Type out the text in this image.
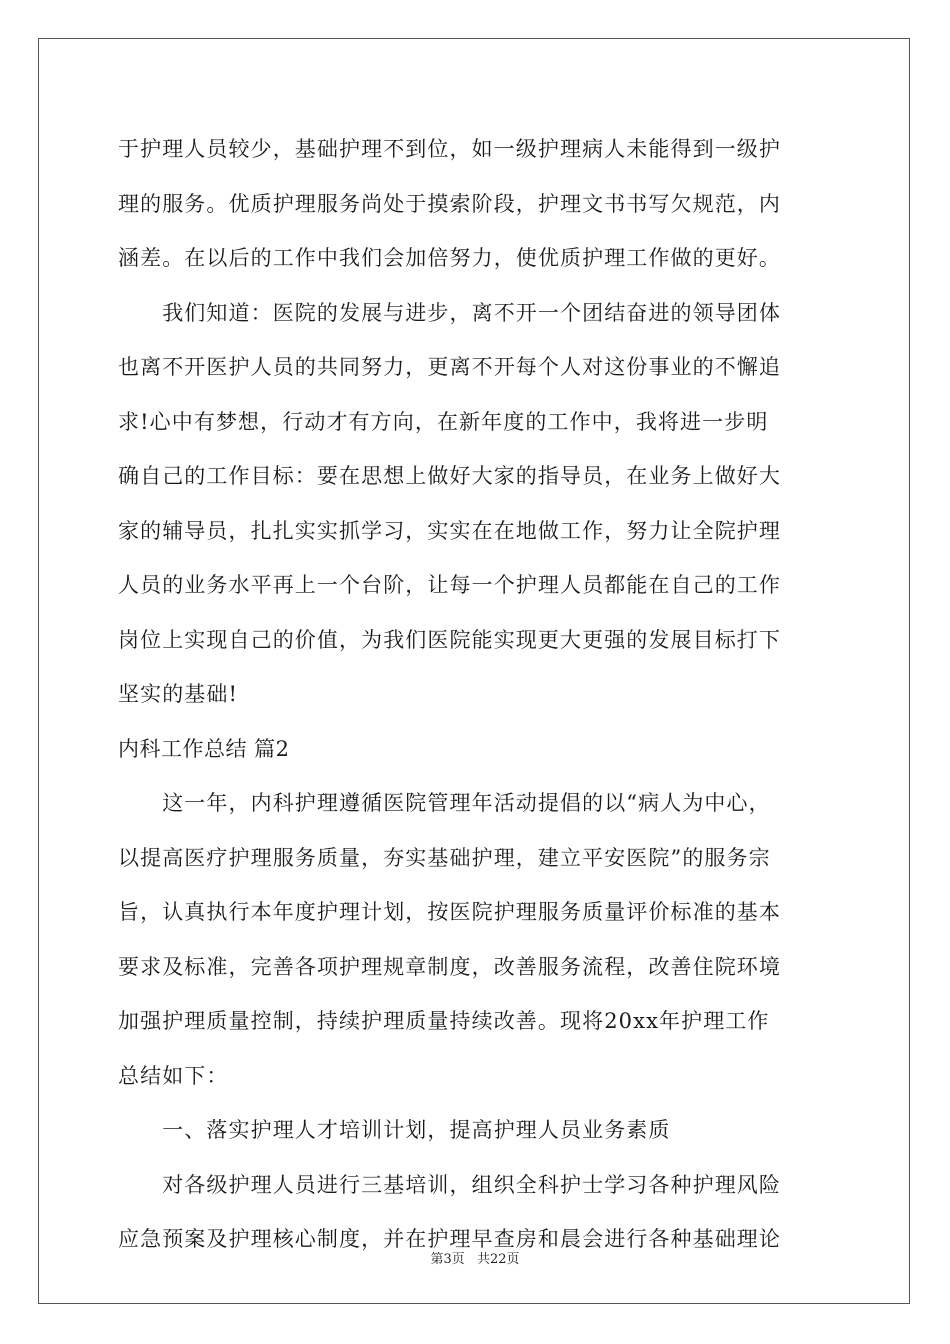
于护理人员较少，基础护理不到位，如一级护理病人未能得到一级护
理的服务。优质护理服务尚处于摸索阶段，护理文书书写欠规范，内
涵差。在以后的工作中我们会加倍努力，使优质护理工作做的更好。
　　我们知道：医院的发展与进步，离不开一个团结奋进的领导团体
也离不开医护人员的共同努力，更离不开每个人对这份事业的不懈追
求!心中有梦想，行动才有方向，在新年度的工作中，我将进一步明
确自己的工作目标：要在思想上做好大家的指导员，在业务上做好大
家的辅导员，扎扎实实抓学习，实实在在地做工作，努力让全院护理
人员的业务水平再上一个台阶，让每一个护理人员都能在自己的工作
岗位上实现自己的价值，为我们医院能实现更大更强的发展目标打下
坚实的基础!
内科工作总结 篇2
　　这一年，内科护理遵循医院管理年活动提倡的以“病人为中心，
以提高医疗护理服务质量，夯实基础护理，建立平安医院”的服务宗
旨，认真执行本年度护理计划，按医院护理服务质量评价标准的基本
要求及标准，完善各项护理规章制度，改善服务流程，改善住院环境
加强护理质量控制，持续护理质量持续改善。现将20xx年护理工作
总结如下：
　　一、落实护理人才培训计划，提高护理人员业务素质
　　对各级护理人员进行三基培训，组织全科护士学习各种护理风险
应急预案及护理核心制度，并在护理早查房和晨会进行各种基础理论
第3页 共22页
